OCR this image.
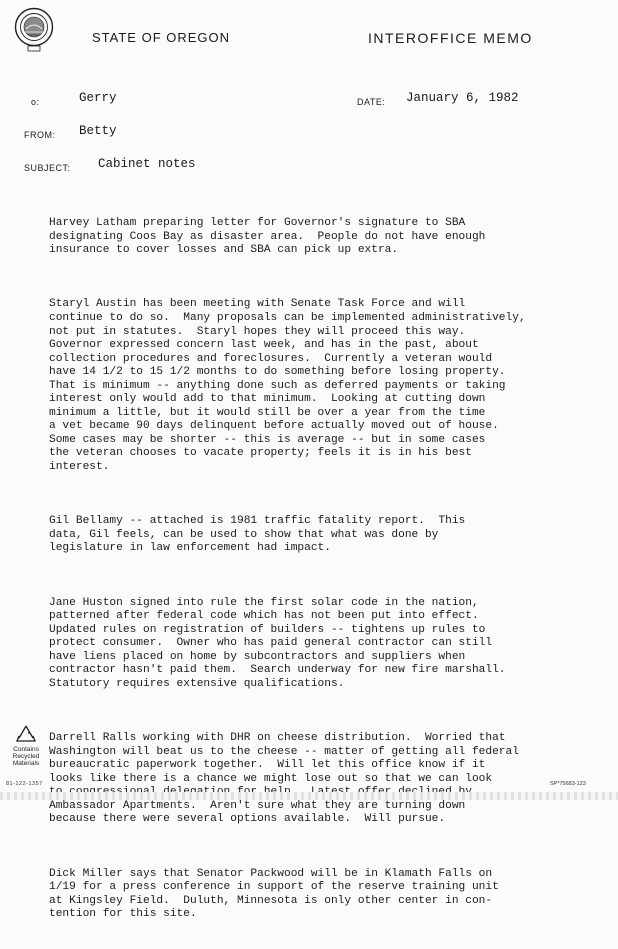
STATE OF OREGON	INTEROFFICE MEMO
o:	Gerry	DATE: January 6, 1982
FROM: Betty
SUBJECT: Cabinet notes

Harvey Latham preparing letter for Governor's signature to SBA
designating Coos Bay as disaster area.  People do not have enough
insurance to cover losses and SBA can pick up extra.

Staryl Austin has been meeting with Senate Task Force and will
continue to do so.  Many proposals can be implemented administratively,
not put in statutes.  Staryl hopes they will proceed this way.
Governor expressed concern last week, and has in the past, about
collection procedures and foreclosures.  Currently a veteran would
have 14 1/2 to 15 1/2 months to do something before losing property.
That is minimum -- anything done such as deferred payments or taking
interest only would add to that minimum.  Looking at cutting down
minimum a little, but it would still be over a year from the time
a vet became 90 days delinquent before actually moved out of house.
Some cases may be shorter -- this is average -- but in some cases
the veteran chooses to vacate property; feels it is in his best
interest.

Gil Bellamy -- attached is 1981 traffic fatality report.  This
data, Gil feels, can be used to show that what was done by
legislature in law enforcement had impact.

Jane Huston signed into rule the first solar code in the nation,
patterned after federal code which has not been put into effect.
Updated rules on registration of builders -- tightens up rules to
protect consumer.  Owner who has paid general contractor can still
have liens placed on home by subcontractors and suppliers when
contractor hasn't paid them.  Search underway for new fire marshall.
Statutory requires extensive qualifications.

Darrell Ralls working with DHR on cheese distribution.  Worried that
Washington will beat us to the cheese -- matter of getting all federal
bureaucratic paperwork together.  Will let this office know if it
looks like there is a chance we might lose out so that we can look

Ambassador Apartments.  Aren't sure what they are turning down
because there were several options available.  Will pursue.

Dick Miller says that Senator Packwood will be in Klamath Falls on
1/19 for a press conference in support of the reserve training unit
at Kingsley Field.  Duluth, Minnesota is only other center in con-
tention for this site.

Contains
Recycled
Materials
81-122-1357	SP*75683-123
